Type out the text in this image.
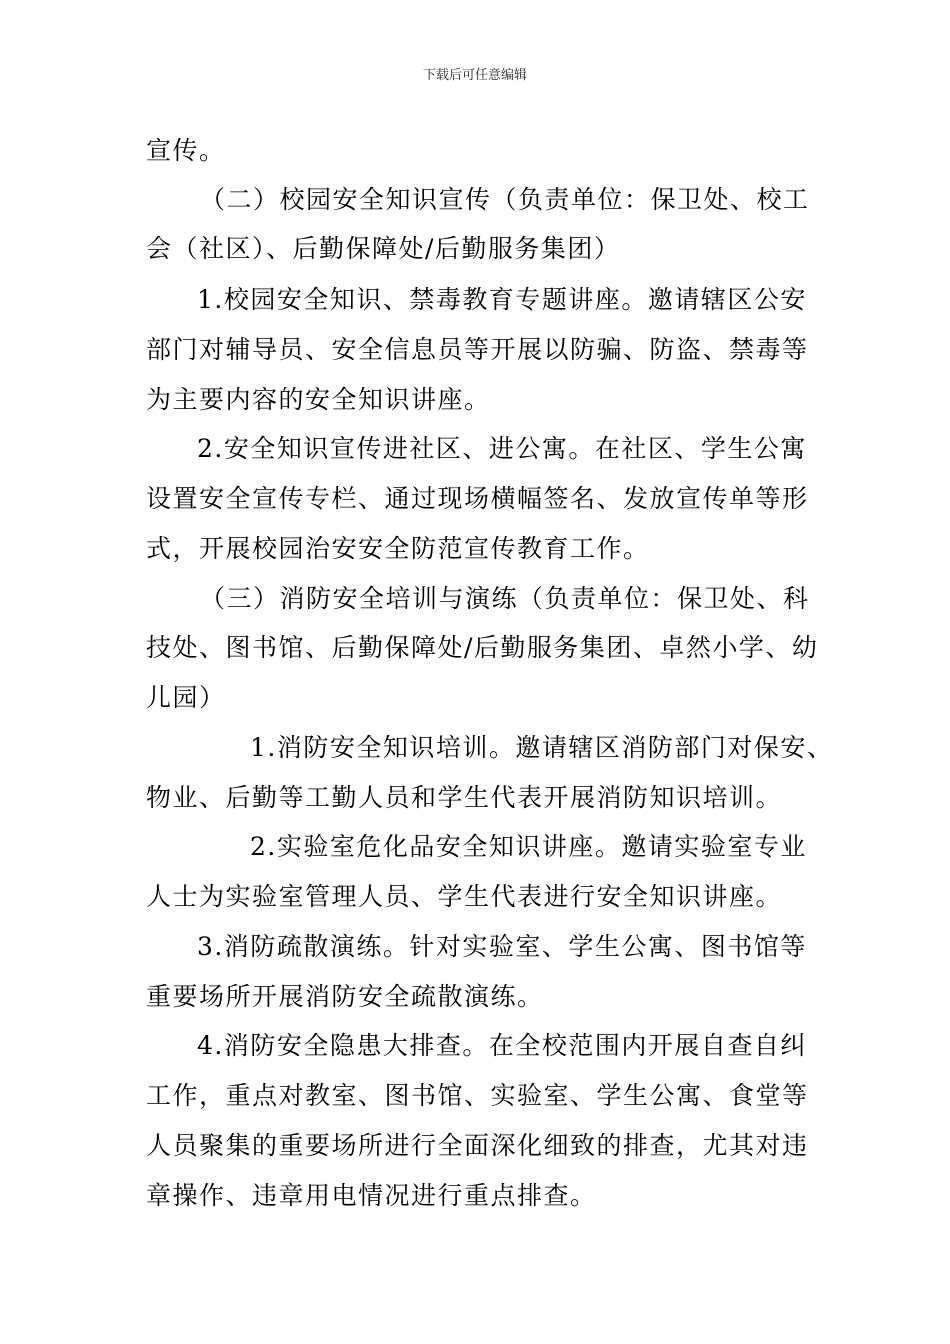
下载后可任意编辑
宣传。
（二）校园安全知识宣传（负责单位：保卫处、校工
会（社区）、后勤保障处/后勤服务集团）
1.校园安全知识、禁毒教育专题讲座。邀请辖区公安
部门对辅导员、安全信息员等开展以防骗、防盗、禁毒等
为主要内容的安全知识讲座。
2.安全知识宣传进社区、进公寓。在社区、学生公寓
设置安全宣传专栏、通过现场横幅签名、发放宣传单等形
式，开展校园治安安全防范宣传教育工作。
（三）消防安全培训与演练（负责单位：保卫处、科
技处、图书馆、后勤保障处/后勤服务集团、卓然小学、幼
儿园）
1.消防安全知识培训。邀请辖区消防部门对保安、
物业、后勤等工勤人员和学生代表开展消防知识培训。
2.实验室危化品安全知识讲座。邀请实验室专业
人士为实验室管理人员、学生代表进行安全知识讲座。
3.消防疏散演练。针对实验室、学生公寓、图书馆等
重要场所开展消防安全疏散演练。
4.消防安全隐患大排查。在全校范围内开展自查自纠
工作，重点对教室、图书馆、实验室、学生公寓、食堂等
人员聚集的重要场所进行全面深化细致的排查，尤其对违
章操作、违章用电情况进行重点排查。
